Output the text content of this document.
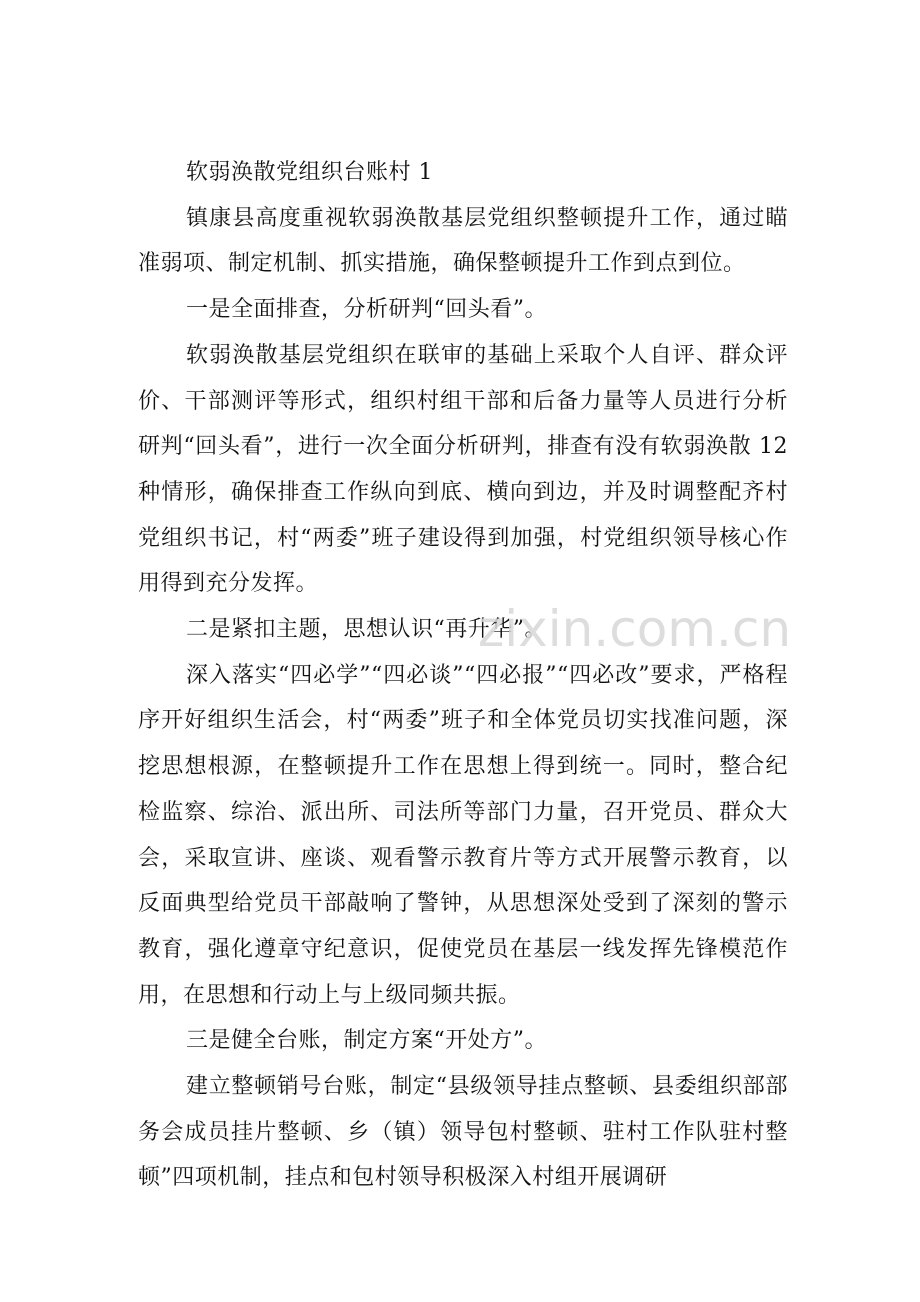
软弱涣散党组织台账村 1

镇康县高度重视软弱涣散基层党组织整顿提升工作，通过瞄准弱项、制定机制、抓实措施，确保整顿提升工作到点到位。

一是全面排查，分析研判“回头看”。

软弱涣散基层党组织在联审的基础上采取个人自评、群众评价、干部测评等形式，组织村组干部和后备力量等人员进行分析研判“回头看”，进行一次全面分析研判，排查有没有软弱涣散 12 种情形，确保排查工作纵向到底、横向到边，并及时调整配齐村党组织书记，村“两委”班子建设得到加强，村党组织领导核心作用得到充分发挥。

二是紧扣主题，思想认识“再升华”。

深入落实“四必学”“四必谈”“四必报”“四必改”要求，严格程序开好组织生活会，村“两委”班子和全体党员切实找准问题，深挖思想根源，在整顿提升工作在思想上得到统一。同时，整合纪检监察、综治、派出所、司法所等部门力量，召开党员、群众大会，采取宣讲、座谈、观看警示教育片等方式开展警示教育，以反面典型给党员干部敲响了警钟，从思想深处受到了深刻的警示教育，强化遵章守纪意识，促使党员在基层一线发挥先锋模范作用，在思想和行动上与上级同频共振。

三是健全台账，制定方案“开处方”。

建立整顿销号台账，制定“县级领导挂点整顿、县委组织部部务会成员挂片整顿、乡（镇）领导包村整顿、驻村工作队驻村整顿”四项机制，挂点和包村领导积极深入村组开展调研

zixin.com.cn
